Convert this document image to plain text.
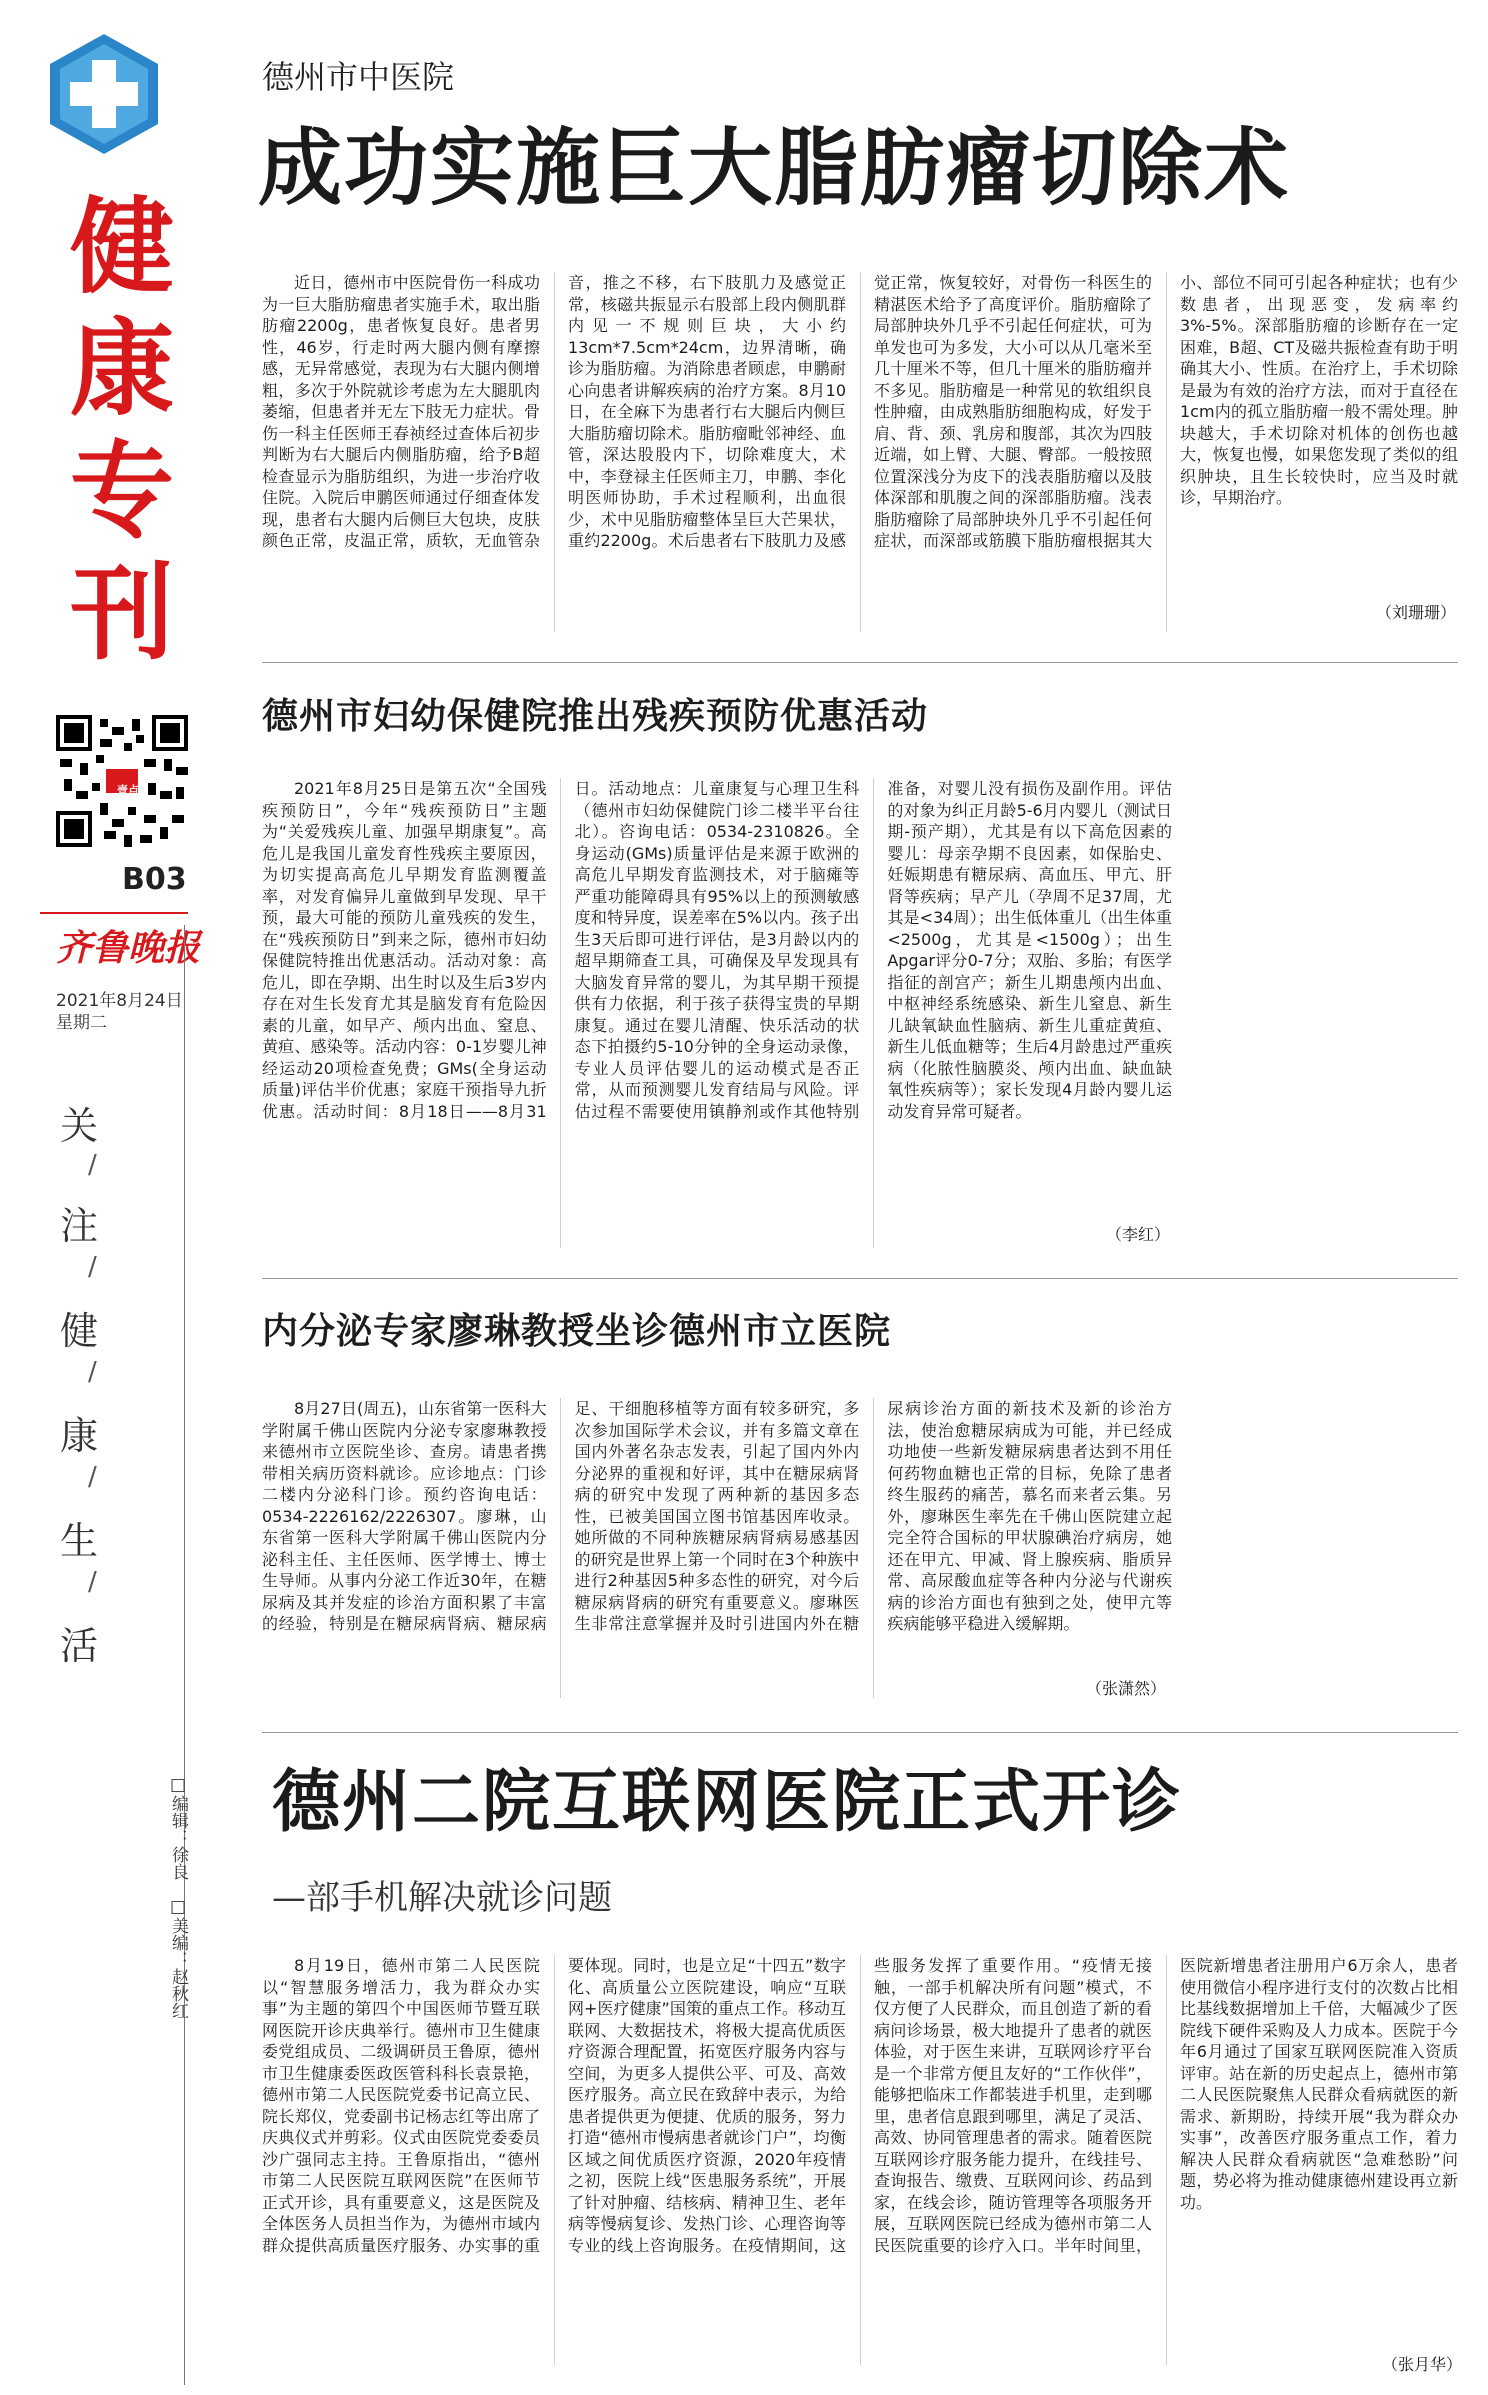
健
康
专
刊
壹点
B03
齐鲁晚报
2021年8月24日
星期二
关
/
注
/
健
/
康
/
生
/
活
□编辑：徐良　□美编：赵秋红
德州市中医院
成功实施巨大脂肪瘤切除术

近日，德州市中医院骨伤一科成功为一巨大脂肪瘤患者实施手术，取出脂肪瘤2200g，患者恢复良好。患者男性，46岁，行走时两大腿内侧有摩擦感，无异常感觉，表现为右大腿内侧增粗，多次于外院就诊考虑为左大腿肌肉萎缩，但患者并无左下肢无力症状。骨伤一科主任医师王春祯经过查体后初步判断为右大腿后内侧脂肪瘤，给予B超检查显示为脂肪组织，为进一步治疗收住院。入院后申鹏医师通过仔细查体发现，患者右大腿内后侧巨大包块，皮肤颜色正常，皮温正常，质软，无血管杂音，推之不移，右下肢肌力及感觉正常，核磁共振显示右股部上段内侧肌群内见一不规则巨块，大小约13cm*7.5cm*24cm，边界清晰，确诊为脂肪瘤。为消除患者顾虑，申鹏耐心向患者讲解疾病的治疗方案。8月10日，在全麻下为患者行右大腿后内侧巨大脂肪瘤切除术。脂肪瘤毗邻神经、血管，深达股股内下，切除难度大，术中，李登禄主任医师主刀，申鹏、李化明医师协助，手术过程顺利，出血很少，术中见脂肪瘤整体呈巨大芒果状，重约2200g。术后患者右下肢肌力及感觉正常，恢复较好，对骨伤一科医生的精湛医术给予了高度评价。脂肪瘤除了局部肿块外几乎不引起任何症状，可为单发也可为多发，大小可以从几毫米至几十厘米不等，但几十厘米的脂肪瘤并不多见。脂肪瘤是一种常见的软组织良性肿瘤，由成熟脂肪细胞构成，好发于肩、背、颈、乳房和腹部，其次为四肢近端，如上臂、大腿、臀部。一般按照位置深浅分为皮下的浅表脂肪瘤以及肢体深部和肌腹之间的深部脂肪瘤。浅表脂肪瘤除了局部肿块外几乎不引起任何症状，而深部或筋膜下脂肪瘤根据其大小、部位不同可引起各种症状；也有少数患者，出现恶变，发病率约3%-5%。深部脂肪瘤的诊断存在一定困难，B超、CT及磁共振检查有助于明确其大小、性质。在治疗上，手术切除是最为有效的治疗方法，而对于直径在1cm内的孤立脂肪瘤一般不需处理。肿块越大，手术切除对机体的创伤也越大，恢复也慢，如果您发现了类似的组织肿块，且生长较快时，应当及时就诊，早期治疗。

（刘珊珊）
德州市妇幼保健院推出残疾预防优惠活动

2021年8月25日是第五次“全国残疾预防日”，今年“残疾预防日”主题为“关爱残疾儿童、加强早期康复”。高危儿是我国儿童发育性残疾主要原因，为切实提高高危儿早期发育监测覆盖率，对发育偏异儿童做到早发现、早干预，最大可能的预防儿童残疾的发生，在“残疾预防日”到来之际，德州市妇幼保健院特推出优惠活动。活动对象：高危儿，即在孕期、出生时以及生后3岁内存在对生长发育尤其是脑发育有危险因素的儿童，如早产、颅内出血、窒息、黄疸、感染等。活动内容：0-1岁婴儿神经运动20项检查免费；GMs(全身运动质量)评估半价优惠；家庭干预指导九折优惠。活动时间：8月18日——8月31日。活动地点：儿童康复与心理卫生科（德州市妇幼保健院门诊二楼半平台往北）。咨询电话：0534-2310826。全身运动(GMs)质量评估是来源于欧洲的高危儿早期发育监测技术，对于脑瘫等严重功能障碍具有95%以上的预测敏感度和特异度，误差率在5%以内。孩子出生3天后即可进行评估，是3月龄以内的超早期筛查工具，可确保及早发现具有大脑发育异常的婴儿，为其早期干预提供有力依据，利于孩子获得宝贵的早期康复。通过在婴儿清醒、快乐活动的状态下拍摄约5-10分钟的全身运动录像，专业人员评估婴儿的运动模式是否正常，从而预测婴儿发育结局与风险。评估过程不需要使用镇静剂或作其他特别准备，对婴儿没有损伤及副作用。评估的对象为纠正月龄5-6月内婴儿（测试日期-预产期），尤其是有以下高危因素的婴儿：母亲孕期不良因素，如保胎史、妊娠期患有糖尿病、高血压、甲亢、肝肾等疾病；早产儿（孕周不足37周，尤其是<34周）；出生低体重儿（出生体重<2500g，尤其是<1500g）；出生Apgar评分0-7分；双胎、多胎；有医学指征的剖宫产；新生儿期患颅内出血、中枢神经系统感染、新生儿窒息、新生儿缺氧缺血性脑病、新生儿重症黄疸、新生儿低血糖等；生后4月龄患过严重疾病（化脓性脑膜炎、颅内出血、缺血缺氧性疾病等）；家长发现4月龄内婴儿运动发育异常可疑者。

（李红）
内分泌专家廖琳教授坐诊德州市立医院

8月27日(周五)，山东省第一医科大学附属千佛山医院内分泌专家廖琳教授来德州市立医院坐诊、查房。请患者携带相关病历资料就诊。应诊地点：门诊二楼内分泌科门诊。预约咨询电话：0534-2226162/2226307。廖琳，山东省第一医科大学附属千佛山医院内分泌科主任、主任医师、医学博士、博士生导师。从事内分泌工作近30年，在糖尿病及其并发症的诊治方面积累了丰富的经验，特别是在糖尿病肾病、糖尿病足、干细胞移植等方面有较多研究，多次参加国际学术会议，并有多篇文章在国内外著名杂志发表，引起了国内外内分泌界的重视和好评，其中在糖尿病肾病的研究中发现了两种新的基因多态性，已被美国国立图书馆基因库收录。她所做的不同种族糖尿病肾病易感基因的研究是世界上第一个同时在3个种族中进行2种基因5种多态性的研究，对今后糖尿病肾病的研究有重要意义。廖琳医生非常注意掌握并及时引进国内外在糖尿病诊治方面的新技术及新的诊治方法，使治愈糖尿病成为可能，并已经成功地使一些新发糖尿病患者达到不用任何药物血糖也正常的目标，免除了患者终生服药的痛苦，慕名而来者云集。另外，廖琳医生率先在千佛山医院建立起完全符合国标的甲状腺碘治疗病房，她还在甲亢、甲减、肾上腺疾病、脂质异常、高尿酸血症等各种内分泌与代谢疾病的诊治方面也有独到之处，使甲亢等疾病能够平稳进入缓解期。

（张潇然）
德州二院互联网医院正式开诊
—部手机解决就诊问题

8月19日，德州市第二人民医院以“智慧服务增活力，我为群众办实事”为主题的第四个中国医师节暨互联网医院开诊庆典举行。德州市卫生健康委党组成员、二级调研员王鲁原，德州市卫生健康委医政医管科科长袁景艳，德州市第二人民医院党委书记高立民、院长郑仪，党委副书记杨志红等出席了庆典仪式并剪彩。仪式由医院党委委员沙广强同志主持。王鲁原指出，“德州市第二人民医院互联网医院”在医师节正式开诊，具有重要意义，这是医院及全体医务人员担当作为，为德州市域内群众提供高质量医疗服务、办实事的重要体现。同时，也是立足“十四五”数字化、高质量公立医院建设，响应“互联网+医疗健康”国策的重点工作。移动互联网、大数据技术，将极大提高优质医疗资源合理配置，拓宽医疗服务内容与空间，为更多人提供公平、可及、高效医疗服务。高立民在致辞中表示，为给患者提供更为便捷、优质的服务，努力打造“德州市慢病患者就诊门户”，均衡区域之间优质医疗资源，2020年疫情之初，医院上线“医患服务系统”，开展了针对肿瘤、结核病、精神卫生、老年病等慢病复诊、发热门诊、心理咨询等专业的线上咨询服务。在疫情期间，这些服务发挥了重要作用。“疫情无接触，一部手机解决所有问题”模式，不仅方便了人民群众，而且创造了新的看病问诊场景，极大地提升了患者的就医体验，对于医生来讲，互联网诊疗平台是一个非常方便且友好的“工作伙伴”，能够把临床工作都装进手机里，走到哪里，患者信息跟到哪里，满足了灵活、高效、协同管理患者的需求。随着医院互联网诊疗服务能力提升，在线挂号、查询报告、缴费、互联网问诊、药品到家，在线会诊，随访管理等各项服务开展，互联网医院已经成为德州市第二人民医院重要的诊疗入口。半年时间里，医院新增患者注册用户6万余人，患者使用微信小程序进行支付的次数占比相比基线数据增加上千倍，大幅减少了医院线下硬件采购及人力成本。医院于今年6月通过了国家互联网医院准入资质评审。站在新的历史起点上，德州市第二人民医院聚焦人民群众看病就医的新需求、新期盼，持续开展“我为群众办实事”，改善医疗服务重点工作，着力解决人民群众看病就医“急难愁盼”问题，势必将为推动健康德州建设再立新功。

（张月华）
